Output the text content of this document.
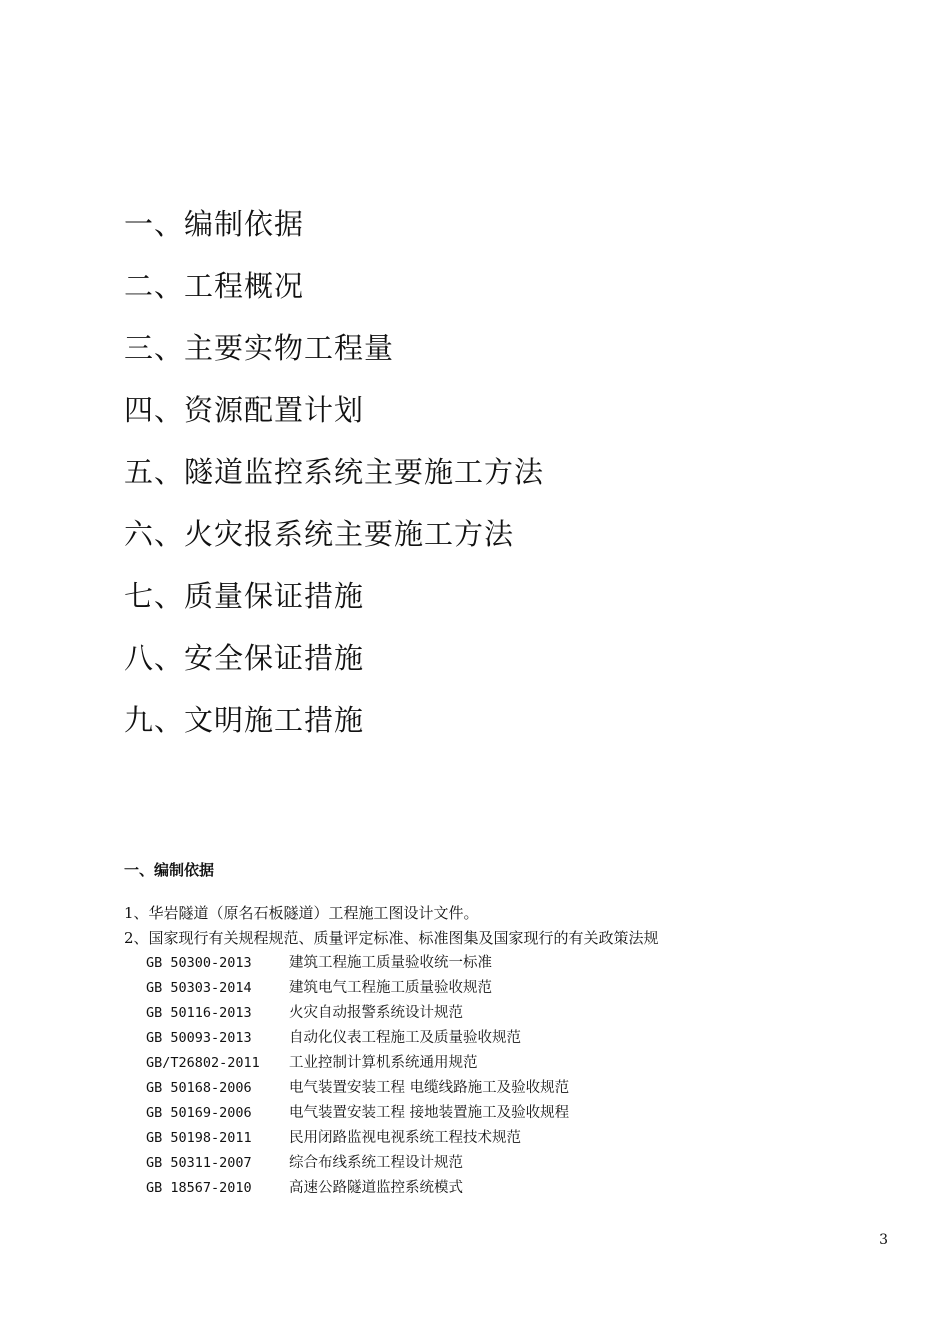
一、编制依据
二、工程概况
三、主要实物工程量
四、资源配置计划
五、隧道监控系统主要施工方法
六、火灾报系统主要施工方法
七、质量保证措施
八、安全保证措施
九、文明施工措施
一、编制依据
1、华岩隧道（原名石板隧道）工程施工图设计文件。
2、国家现行有关规程规范、质量评定标准、标准图集及国家现行的有关政策法规
GB 50300-2013	建筑工程施工质量验收统一标准
GB 50303-2014	建筑电气工程施工质量验收规范
GB 50116-2013	火灾自动报警系统设计规范
GB 50093-2013	自动化仪表工程施工及质量验收规范
GB/T26802-2011 工业控制计算机系统通用规范
GB 50168-2006	电气装置安装工程 电缆线路施工及验收规范
GB 50169-2006	电气装置安装工程 接地装置施工及验收规程
GB 50198-2011	民用闭路监视电视系统工程技术规范
GB 50311-2007	综合布线系统工程设计规范
GB 18567-2010	高速公路隧道监控系统模式
3
